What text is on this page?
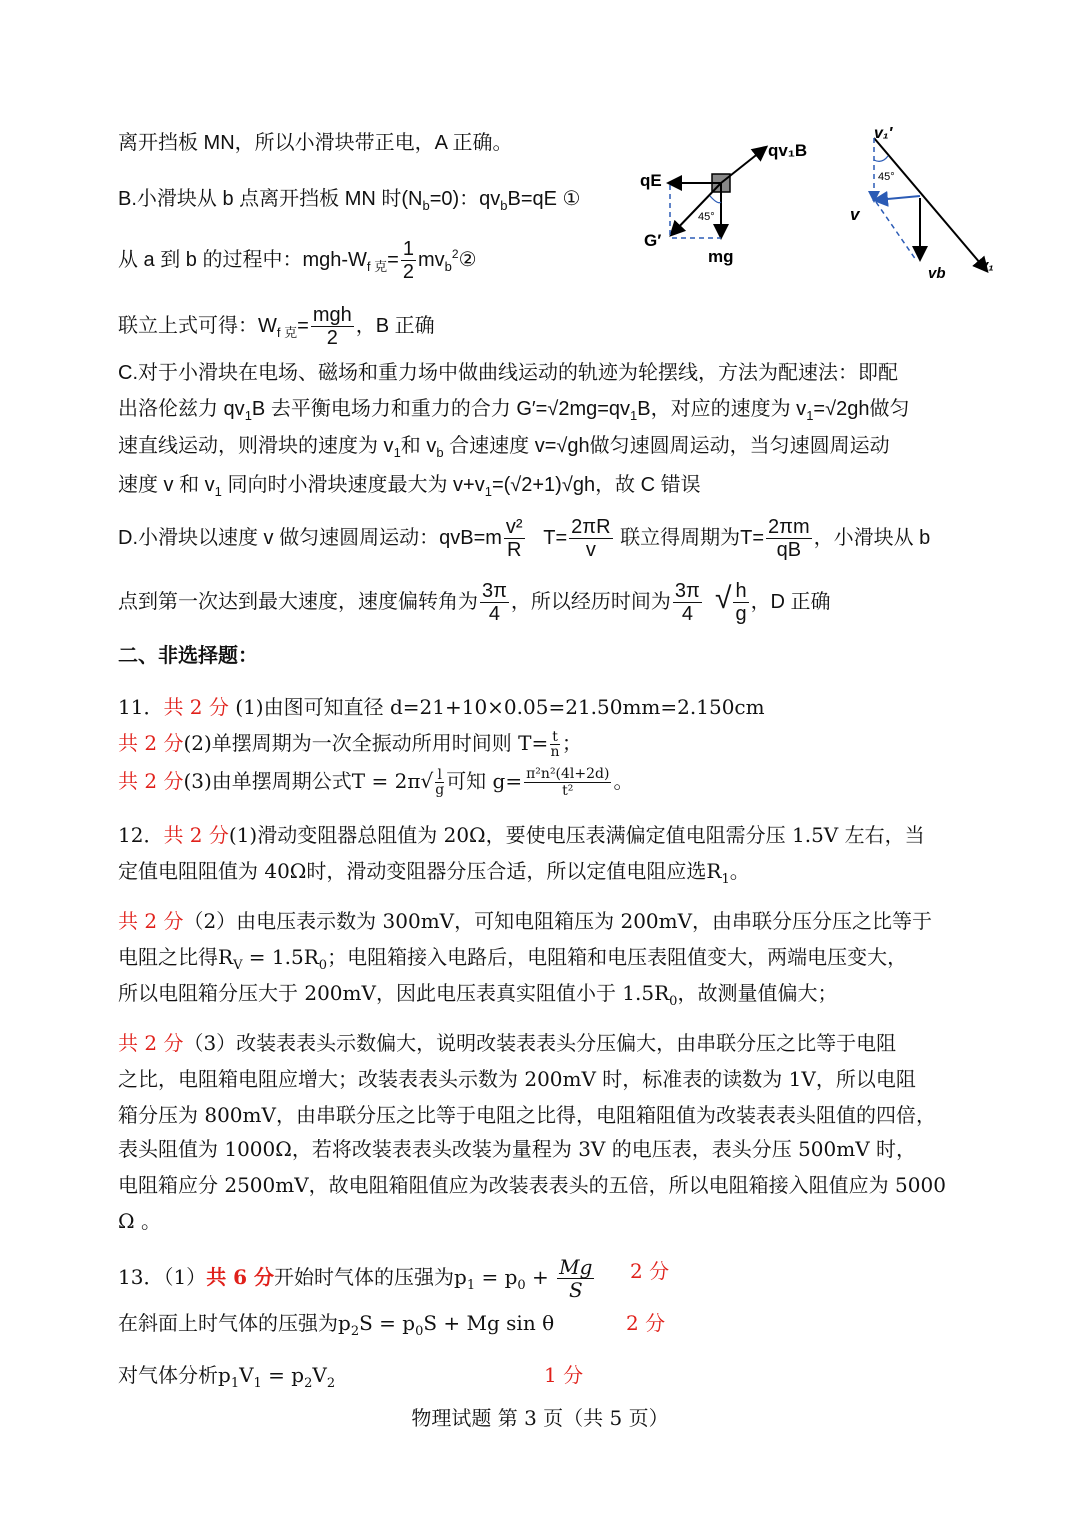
离开挡板 MN，所以小滑块带正电，A 正确。
B.小滑块从 b 点离开挡板 MN 时$(N_b=0)$：$qv_bB=qE$ ①
从 a 到 b 的过程中：mgh-$W_{f 克}= \frac{1}{2}$ $mv_b^2②$
联立上式可得：$W_{f 克}= \frac{\text{mgh}}{2}$ ，B 正确
C.对于小滑块在电场、磁场和重力场中做曲线运动的轨迹为轮摆线，方法为配速法：即配
出洛伦兹力 $qv_1B$ 去平衡电场力和重力的合力 $G'=√2mg=qv_1B$，对应的速度为 $v_1=√2gh$做匀
速直线运动，则滑块的速度为 $v_1$和 $v_b$ 合速速度 v=√gh做匀速圆周运动，当匀速圆周运动
速度 v 和 $v_1$ 同向时小滑块速度最大为 $v+v_1=(√2+1)√gh$，故 C 错误
D.小滑块以速度 v 做匀速圆周运动：$qvB=m \frac{\text{v²}}{R} T= \frac{2\pi R}{v}$ 联立得周期为$T= \frac{2\pi m}{qB}$ ，小滑块从 b
点到第一次达到最大速度，速度偏转角为 $\frac{3\pi}{4}$ ，所以经历时间为 $\frac{3\pi}{4}$ √ $\frac{h}{g}$ ，D 正确
二、非选择题：
11．共 2 分 (1)由图可知直径 d=21+10×0.05=21.50mm=2.150cm
共 2 分(2)单摆周期为一次全振动所用时间则 $T= \frac{t}{n}$ ；
共 2 分(3)由单摆周期公式$T = 2\pi√ \frac{l}{g}$ 可知 $g= \frac{\text{π²n²(4l+2d)}}{\text{t²}}$ 。
12．共 2 分(1)滑动变阻器总阻值为 20Ω，要使电压表满偏定值电阻需分压 1.5V 左右，当
定值电阻阻值为 40Ω时，滑动变阻器分压合适，所以定值电阻应选$R_1$。
共 2 分（2）由电压表示数为 300mV，可知电阻箱压为 200mV，由串联分压分压之比等于
电阻之比得$R_V = 1.5R_0$；电阻箱接入电路后，电阻箱和电压表阻值变大，两端电压变大，
所以电阻箱分压大于 200mV，因此电压表真实阻值小于 $1.5R_0$，故测量值偏大；
共 2 分（3）改装表表头示数偏大，说明改装表表头分压偏大，由串联分压之比等于电阻
之比，电阻箱电阻应增大；改装表表头示数为 200mV 时，标准表的读数为 1V，所以电阻
箱分压为 800mV，由串联分压之比等于电阻之比得，电阻箱阻值为改装表表头阻值的四倍，
表头阻值为 1000Ω，若将改装表表头改装为量程为 3V 的电压表，表头分压 500mV 时，
电阻箱应分 2500mV，故电阻箱阻值应为改装表表头的五倍，所以电阻箱接入阻值应为 5000
Ω 。
13．（1）共 6 分开始时气体的压强为$p_1 = p_0 + \frac{Mg}{S} 2$ 分
在斜面上时气体的压强为$p_2S = p_0S + Mg$ sin θ	2 分
对气体分析$p_1V_1 = p_2V_2$	1 分
qv₁B
qE
G′
mg
45°
v₁′
45°
v
vb v₁
物理试题 第 3 页（共 5 页）
